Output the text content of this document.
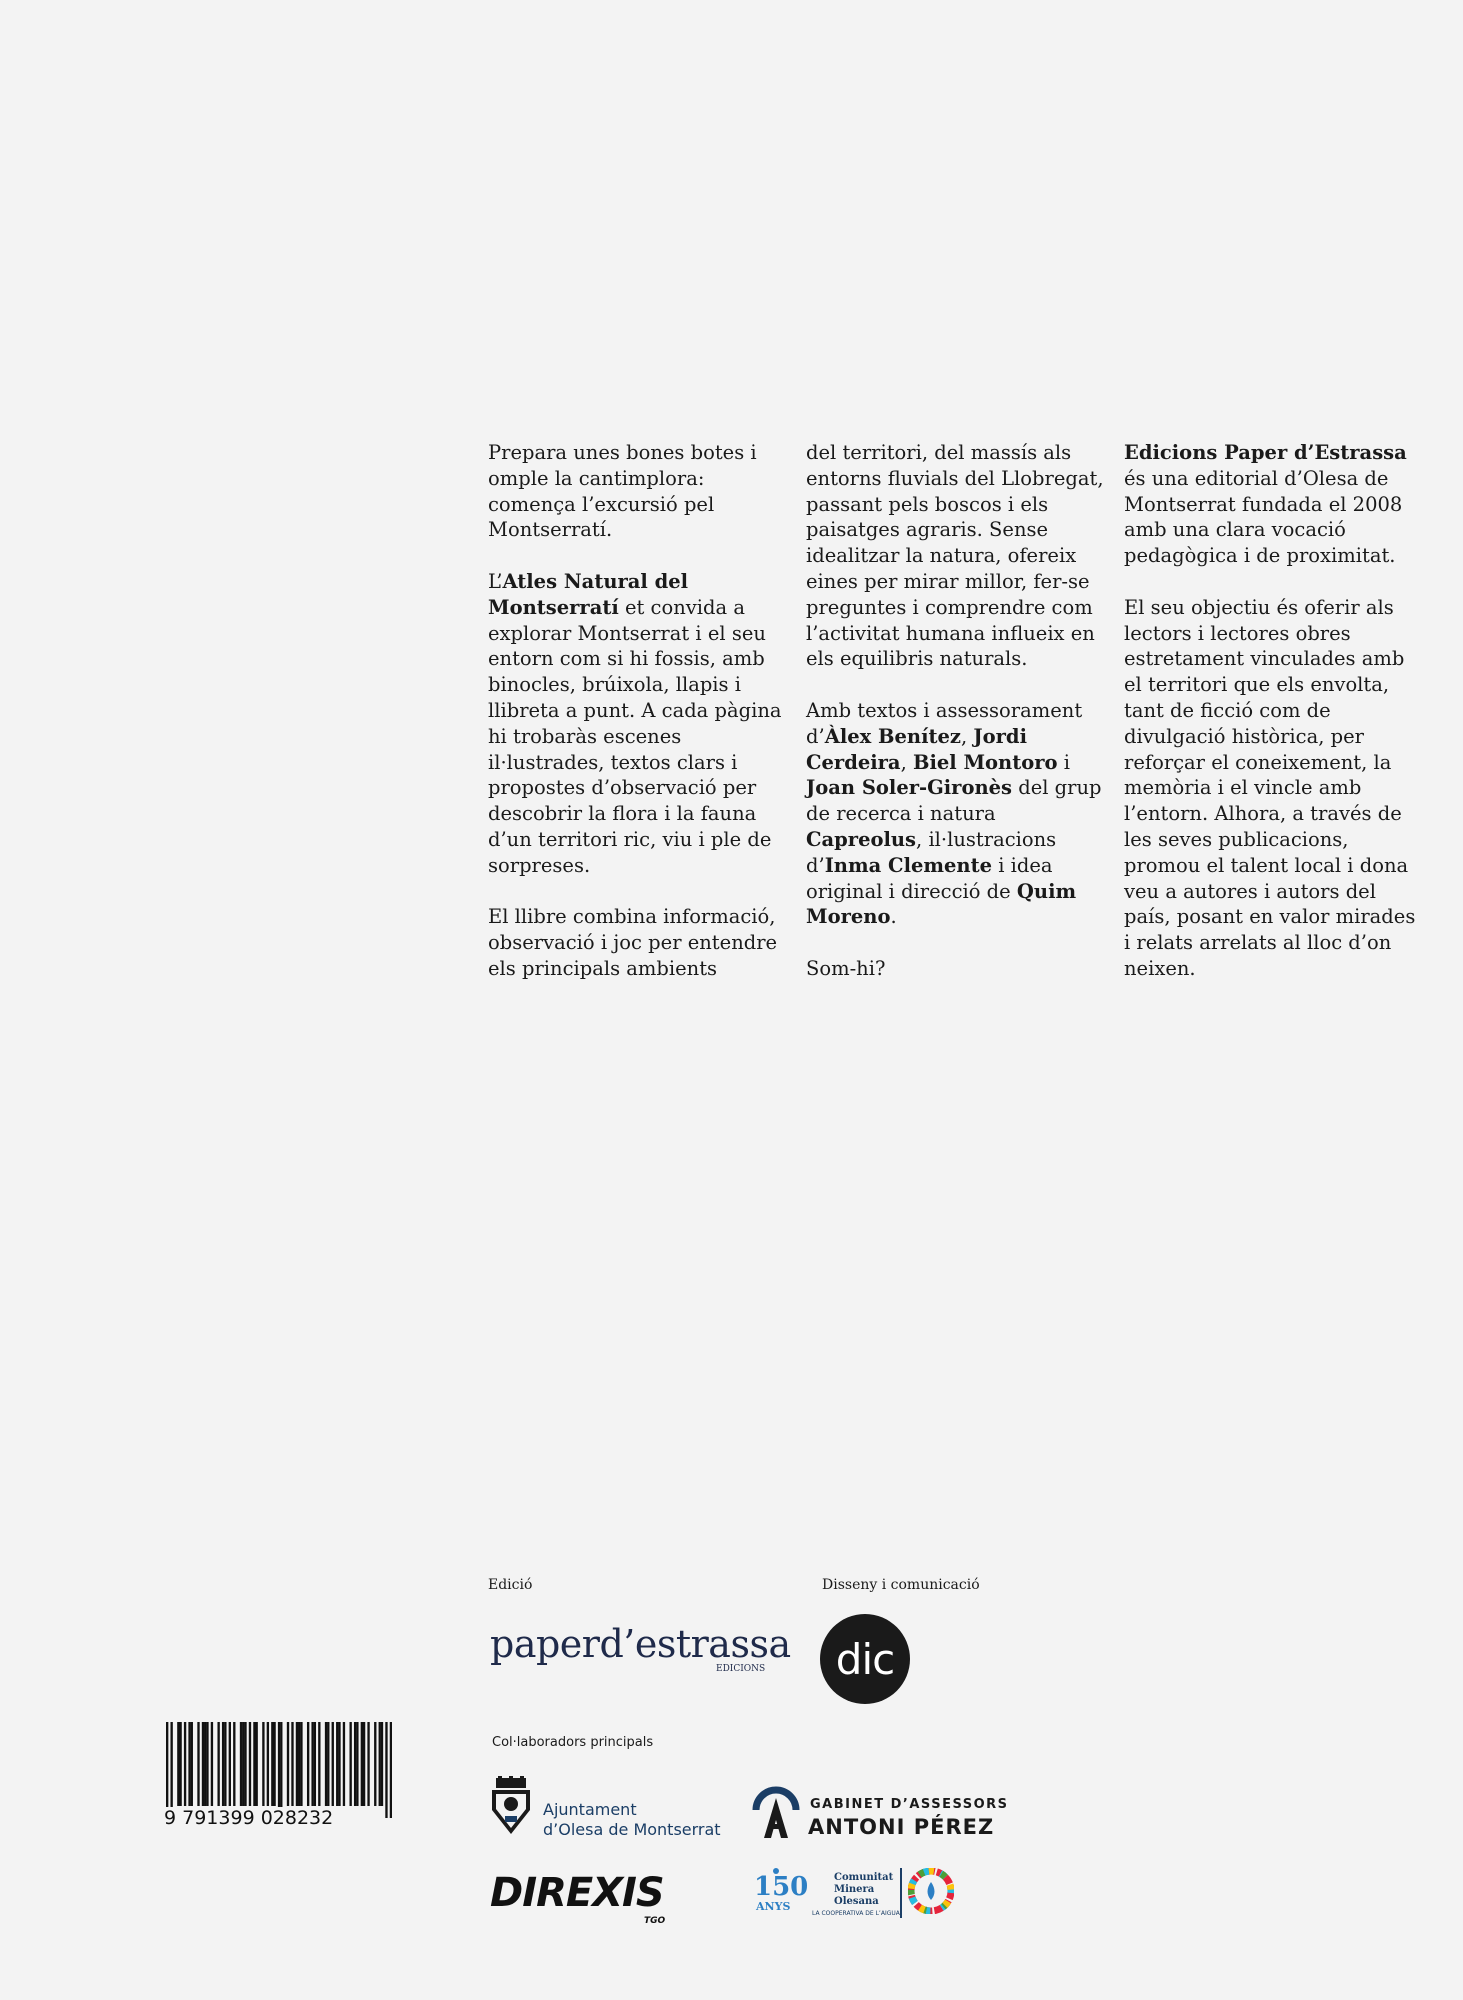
Prepara unes bones botes i omple la cantimplora: comença l’excursió pel Montserratí.

L’Atles Natural del Montserratí et convida a explorar Montserrat i el seu entorn com si hi fossis, amb binocles, brúixola, llapis i llibreta a punt. A cada pàgina hi trobaràs escenes il·lustrades, textos clars i propostes d’observació per descobrir la flora i la fauna d’un territori ric, viu i ple de sorpreses.

El llibre combina informació, observació i joc per entendre els principals ambients

del territori, del massís als entorns fluvials del Llobregat, passant pels boscos i els paisatges agraris. Sense idealitzar la natura, ofereix eines per mirar millor, fer-se preguntes i comprendre com l’activitat humana influeix en els equilibris naturals.

Amb textos i assessorament d’Àlex Benítez, Jordi Cerdeira, Biel Montoro i Joan Soler-Gironès del grup de recerca i natura Capreolus, il·lustracions d’Inma Clemente i idea original i direcció de Quim Moreno.

Som-hi?

Edicions Paper d’Estrassa és una editorial d’Olesa de Montserrat fundada el 2008 amb una clara vocació pedagògica i de proximitat.

El seu objectiu és oferir als lectors i lectores obres estretament vinculades amb el territori que els envolta, tant de ficció com de divulgació històrica, per reforçar el coneixement, la memòria i el vincle amb l’entorn. Alhora, a través de les seves publicacions, promou el talent local i dona veu a autores i autors del país, posant en valor mirades i relats arrelats al lloc d’on neixen.

Edició	Disseny i comunicació
Col·laboradors principals
paperd’estrassa
EDICIONS	dic
Ajuntament
d’Olesa de Montserrat
GABINET D’ASSESSORS
ANTONI PÉREZ
DIREXIS
TGO
150
ANYS
Comunitat
Minera
Olesana
LA COOPERATIVA DE L’AIGUA
9 791399 028232
